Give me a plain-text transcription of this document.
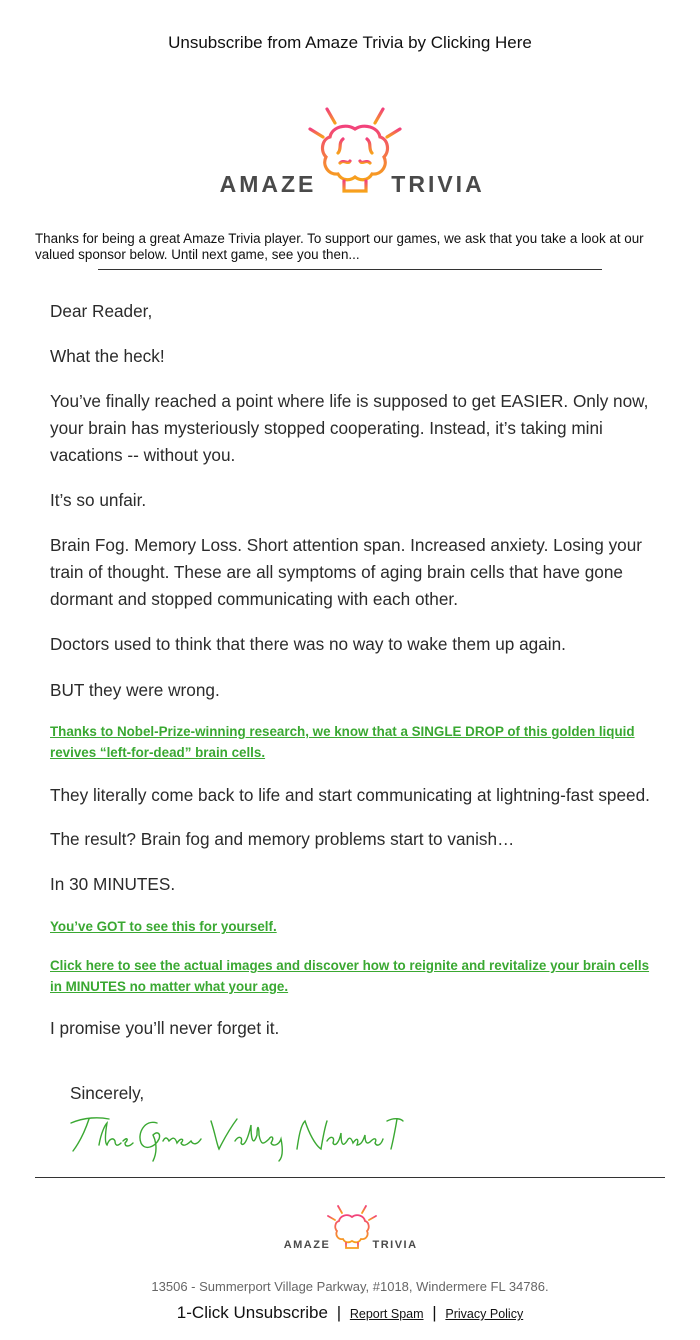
Unsubscribe from Amaze Trivia by Clicking Here
AMAZE	TRIVIA
Thanks for being a great Amaze Trivia player. To support our games, we ask that you take a look at our valued sponsor below. Until next game, see you then...

Dear Reader,

What the heck!

You’ve finally reached a point where life is supposed to get EASIER. Only now, your brain has mysteriously stopped cooperating. Instead, it’s taking mini vacations -- without you.

It’s so unfair.

Brain Fog. Memory Loss. Short attention span. Increased anxiety. Losing your train of thought. These are all symptoms of aging brain cells that have gone dormant and stopped communicating with each other.

Doctors used to think that there was no way to wake them up again.

BUT they were wrong.

Thanks to Nobel-Prize-winning research, we know that a SINGLE DROP of this golden liquid revives “left-for-dead” brain cells.

They literally come back to life and start communicating at lightning-fast speed.

The result? Brain fog and memory problems start to vanish…

In 30 MINUTES.

You’ve GOT to see this for yourself.

Click here to see the actual images and discover how to reignite and revitalize your brain cells in MINUTES no matter what your age.

I promise you’ll never forget it.

Sincerely,
AMAZE	TRIVIA
13506 - Summerport Village Parkway, #1018, Windermere FL 34786.
1-Click Unsubscribe | Report Spam | Privacy Policy
